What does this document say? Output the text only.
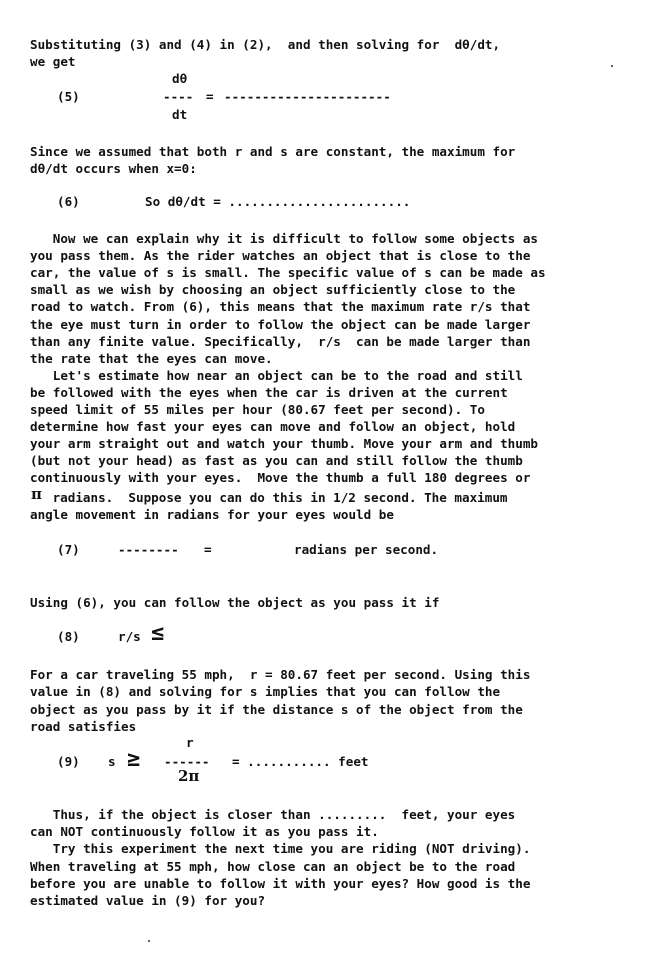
Substituting (3) and (4) in (2),  and then solving for  dθ/dt,
we get
dθ
(5)	---- = ----------------------
dt
Since we assumed that both r and s are constant, the maximum for
dθ/dt occurs when x=0:
(6)	So dθ/dt = ........................
Now we can explain why it is difficult to follow some objects as
you pass them. As the rider watches an object that is close to the
car, the value of s is small. The specific value of s can be made as
small as we wish by choosing an object sufficiently close to the
road to watch. From (6), this means that the maximum rate r/s that
the eye must turn in order to follow the object can be made larger
than any finite value. Specifically,  r/s  can be made larger than
the rate that the eyes can move.
Let's estimate how near an object can be to the road and still
be followed with the eyes when the car is driven at the current
speed limit of 55 miles per hour (80.67 feet per second). To
determine how fast your eyes can move and follow an object, hold
your arm straight out and watch your thumb. Move your arm and thumb
(but not your head) as fast as you can and still follow the thumb
continuously with your eyes.  Move the thumb a full 180 degrees or
π radians.  Suppose you can do this in 1/2 second. The maximum
angle movement in radians for your eyes would be
(7)	-------- =	radians per second.
Using (6), you can follow the object as you pass it if
(8)	r/s ≤
For a car traveling 55 mph,  r = 80.67 feet per second. Using this
value in (8) and solving for s implies that you can follow the
object as you pass by it if the distance s of the object from the
road satisfies
r
(9) s ≥ ------ = ........... feet
2π
Thus, if the object is closer than .........  feet, your eyes
can NOT continuously follow it as you pass it.
Try this experiment the next time you are riding (NOT driving).
When traveling at 55 mph, how close can an object be to the road
before you are unable to follow it with your eyes? How good is the
estimated value in (9) for you?
